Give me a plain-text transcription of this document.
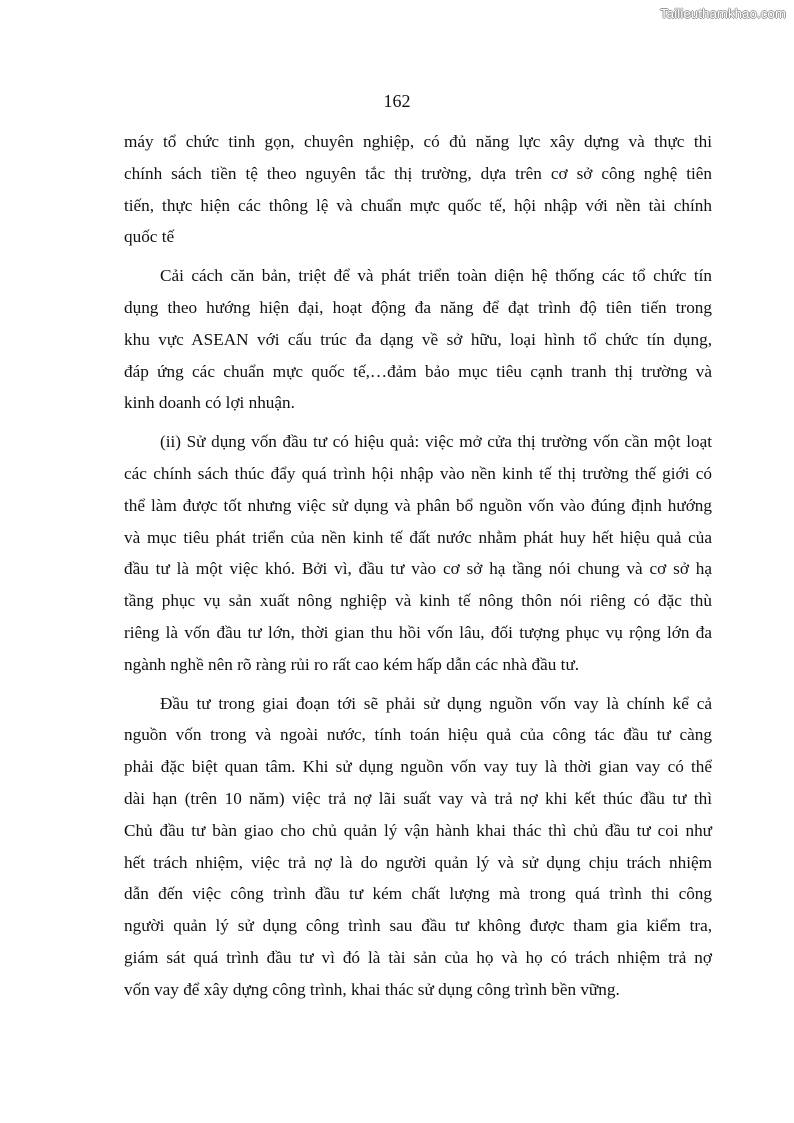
Tailieuthamkhao.com
162
máy tổ chức tinh gọn, chuyên nghiệp, có đủ năng lực xây dựng và thực thi
chính sách tiền tệ theo nguyên tắc thị trường, dựa trên cơ sở công nghệ tiên
tiến, thực hiện các thông lệ và chuẩn mực quốc tế, hội nhập với nền tài chính
quốc tế
Cải cách căn bản, triệt để và phát triển toàn diện hệ thống các tổ chức tín
dụng theo hướng hiện đại, hoạt động đa năng để đạt trình độ tiên tiến trong
khu vực ASEAN với cấu trúc đa dạng về sở hữu, loại hình tổ chức tín dụng,
đáp ứng các chuẩn mực quốc tế,…đảm bảo mục tiêu cạnh tranh thị trường và
kinh doanh có lợi nhuận.
(ii) Sử dụng vốn đầu tư có hiệu quả: việc mở cửa thị trường vốn cần một loạt
các chính sách thúc đẩy quá trình hội nhập vào nền kinh tế thị trường thế giới có
thể làm được tốt nhưng việc sử dụng và phân bổ nguồn vốn vào đúng định hướng
và mục tiêu phát triển của nền kinh tế đất nước nhằm phát huy hết hiệu quả của
đầu tư là một việc khó. Bởi vì, đầu tư vào cơ sở hạ tầng nói chung và cơ sở hạ
tầng phục vụ sản xuất nông nghiệp và kinh tế nông thôn nói riêng có đặc thù
riêng là vốn đầu tư lớn, thời gian thu hồi vốn lâu, đối tượng phục vụ rộng lớn đa
ngành nghề nên rõ ràng rủi ro rất cao kém hấp dẫn các nhà đầu tư.
Đầu tư trong giai đoạn tới sẽ phải sử dụng nguồn vốn vay là chính kể cả
nguồn vốn trong và ngoài nước, tính toán hiệu quả của công tác đầu tư càng
phải đặc biệt quan tâm. Khi sử dụng nguồn vốn vay tuy là thời gian vay có thể
dài hạn (trên 10 năm) việc trả nợ lãi suất vay và trả nợ khi kết thúc đầu tư thì
Chủ đầu tư bàn giao cho chủ quản lý vận hành khai thác thì chủ đầu tư coi như
hết trách nhiệm, việc trả nợ là do người quản lý và sử dụng chịu trách nhiệm
dẫn đến việc công trình đầu tư kém chất lượng mà trong quá trình thi công
người quản lý sử dụng công trình sau đầu tư không được tham gia kiểm tra,
giám sát quá trình đầu tư vì đó là tài sản của họ và họ có trách nhiệm trả nợ
vốn vay để xây dựng công trình, khai thác sử dụng công trình bền vững.
